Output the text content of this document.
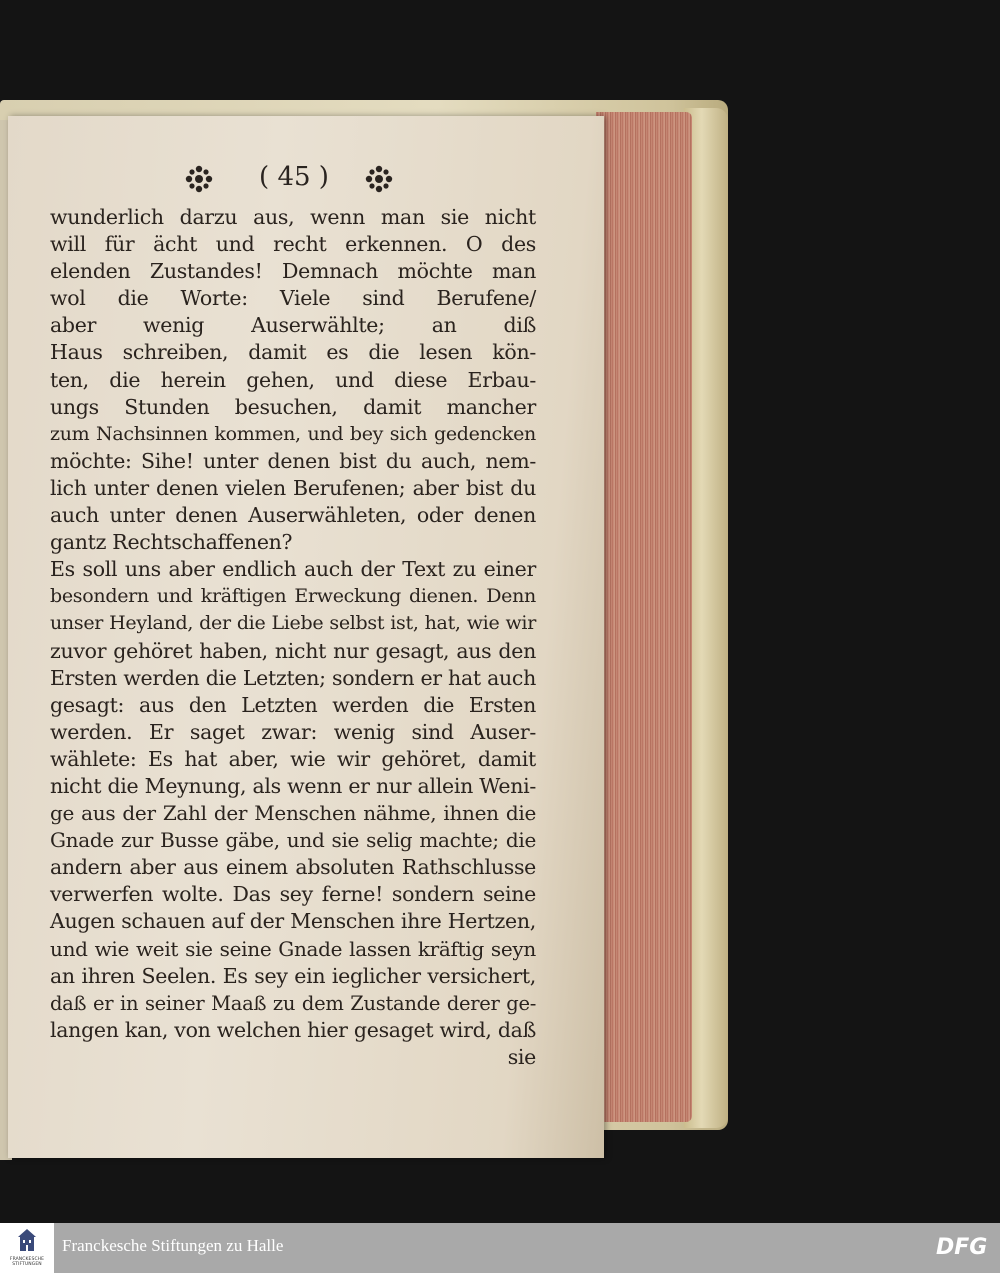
( 45 )
wunderlich darzu aus, wenn man sie nicht
will für ächt und recht erkennen. O des
elenden Zustandes! Demnach möchte man
wol die Worte: Viele sind Berufene/
aber wenig Auserwählte; an diß
Haus schreiben, damit es die lesen kön-
ten, die herein gehen, und diese Erbau-
ungs Stunden besuchen, damit mancher
zum Nachsinnen kommen, und bey sich gedencken
möchte: Sihe! unter denen bist du auch, nem-
lich unter denen vielen Berufenen; aber bist du
auch unter denen Auserwähleten, oder denen
gantz Rechtschaffenen?
Es soll uns aber endlich auch der Text zu einer
besondern und kräftigen Erweckung dienen. Denn
unser Heyland, der die Liebe selbst ist, hat, wie wir
zuvor gehöret haben, nicht nur gesagt, aus den
Ersten werden die Letzten; sondern er hat auch
gesagt: aus den Letzten werden die Ersten
werden. Er saget zwar: wenig sind Auser-
wählete: Es hat aber, wie wir gehöret, damit
nicht die Meynung, als wenn er nur allein Weni-
ge aus der Zahl der Menschen nähme, ihnen die
Gnade zur Busse gäbe, und sie selig machte; die
andern aber aus einem absoluten Rathschlusse
verwerfen wolte. Das sey ferne! sondern seine
Augen schauen auf der Menschen ihre Hertzen,
und wie weit sie seine Gnade lassen kräftig seyn
an ihren Seelen. Es sey ein ieglicher versichert,
daß er in seiner Maaß zu dem Zustande derer ge-
langen kan, von welchen hier gesaget wird, daß
sie
FRANCKESCHE STIFTUNGEN
Franckesche Stiftungen zu Halle	DFG
